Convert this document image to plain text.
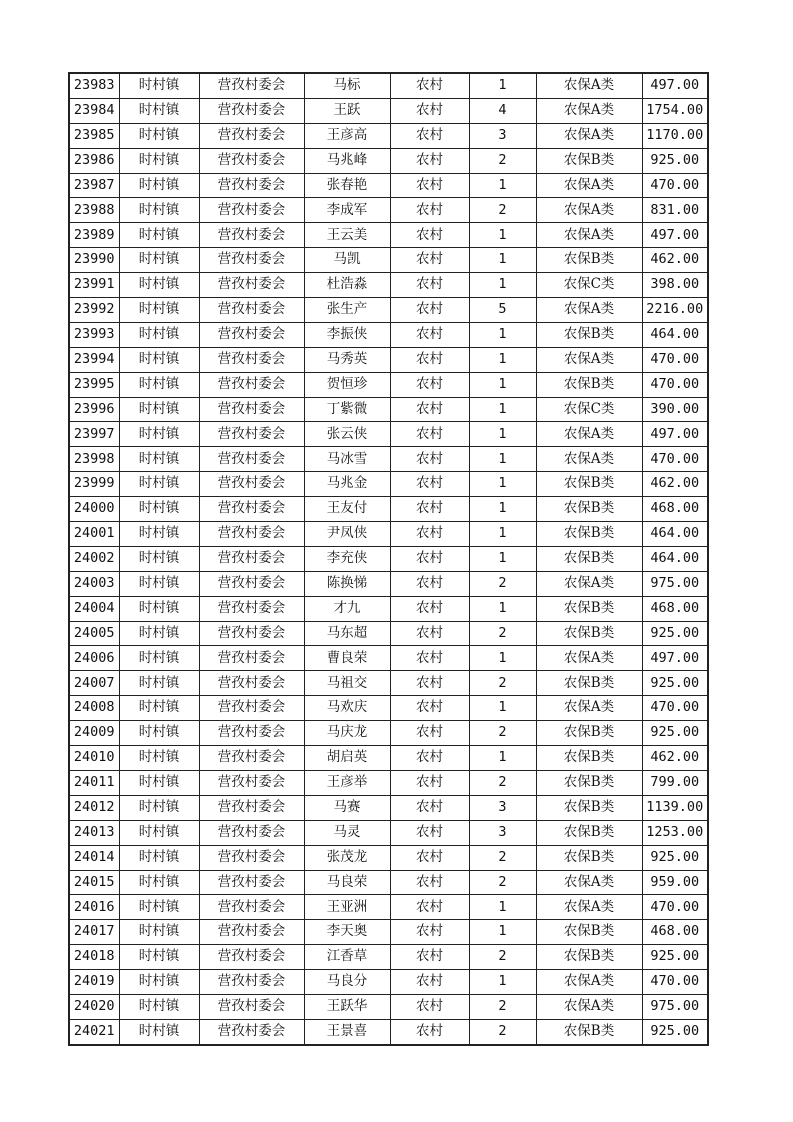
23983	时村镇	营孜村委会	马标	农村	1	农保A类	497.00
23984	时村镇	营孜村委会	王跃	农村	4	农保A类	1754.00
23985	时村镇	营孜村委会	王彦高	农村	3	农保A类	1170.00
23986	时村镇	营孜村委会	马兆峰	农村	2	农保B类	925.00
23987	时村镇	营孜村委会	张春艳	农村	1	农保A类	470.00
23988	时村镇	营孜村委会	李成军	农村	2	农保A类	831.00
23989	时村镇	营孜村委会	王云美	农村	1	农保A类	497.00
23990	时村镇	营孜村委会	马凯	农村	1	农保B类	462.00
23991	时村镇	营孜村委会	杜浩淼	农村	1	农保C类	398.00
23992	时村镇	营孜村委会	张生产	农村	5	农保A类	2216.00
23993	时村镇	营孜村委会	李振侠	农村	1	农保B类	464.00
23994	时村镇	营孜村委会	马秀英	农村	1	农保A类	470.00
23995	时村镇	营孜村委会	贺恒珍	农村	1	农保B类	470.00
23996	时村镇	营孜村委会	丁紫微	农村	1	农保C类	390.00
23997	时村镇	营孜村委会	张云侠	农村	1	农保A类	497.00
23998	时村镇	营孜村委会	马冰雪	农村	1	农保A类	470.00
23999	时村镇	营孜村委会	马兆金	农村	1	农保B类	462.00
24000	时村镇	营孜村委会	王友付	农村	1	农保B类	468.00
24001	时村镇	营孜村委会	尹凤侠	农村	1	农保B类	464.00
24002	时村镇	营孜村委会	李充侠	农村	1	农保B类	464.00
24003	时村镇	营孜村委会	陈换悌	农村	2	农保A类	975.00
24004	时村镇	营孜村委会	才九	农村	1	农保B类	468.00
24005	时村镇	营孜村委会	马东超	农村	2	农保B类	925.00
24006	时村镇	营孜村委会	曹良荣	农村	1	农保A类	497.00
24007	时村镇	营孜村委会	马祖交	农村	2	农保B类	925.00
24008	时村镇	营孜村委会	马欢庆	农村	1	农保A类	470.00
24009	时村镇	营孜村委会	马庆龙	农村	2	农保B类	925.00
24010	时村镇	营孜村委会	胡启英	农村	1	农保B类	462.00
24011	时村镇	营孜村委会	王彦举	农村	2	农保B类	799.00
24012	时村镇	营孜村委会	马赛	农村	3	农保B类	1139.00
24013	时村镇	营孜村委会	马灵	农村	3	农保B类	1253.00
24014	时村镇	营孜村委会	张茂龙	农村	2	农保B类	925.00
24015	时村镇	营孜村委会	马良荣	农村	2	农保A类	959.00
24016	时村镇	营孜村委会	王亚洲	农村	1	农保A类	470.00
24017	时村镇	营孜村委会	李天奥	农村	1	农保B类	468.00
24018	时村镇	营孜村委会	江香草	农村	2	农保B类	925.00
24019	时村镇	营孜村委会	马良分	农村	1	农保A类	470.00
24020	时村镇	营孜村委会	王跃华	农村	2	农保A类	975.00
24021	时村镇	营孜村委会	王景喜	农村	2	农保B类	925.00
